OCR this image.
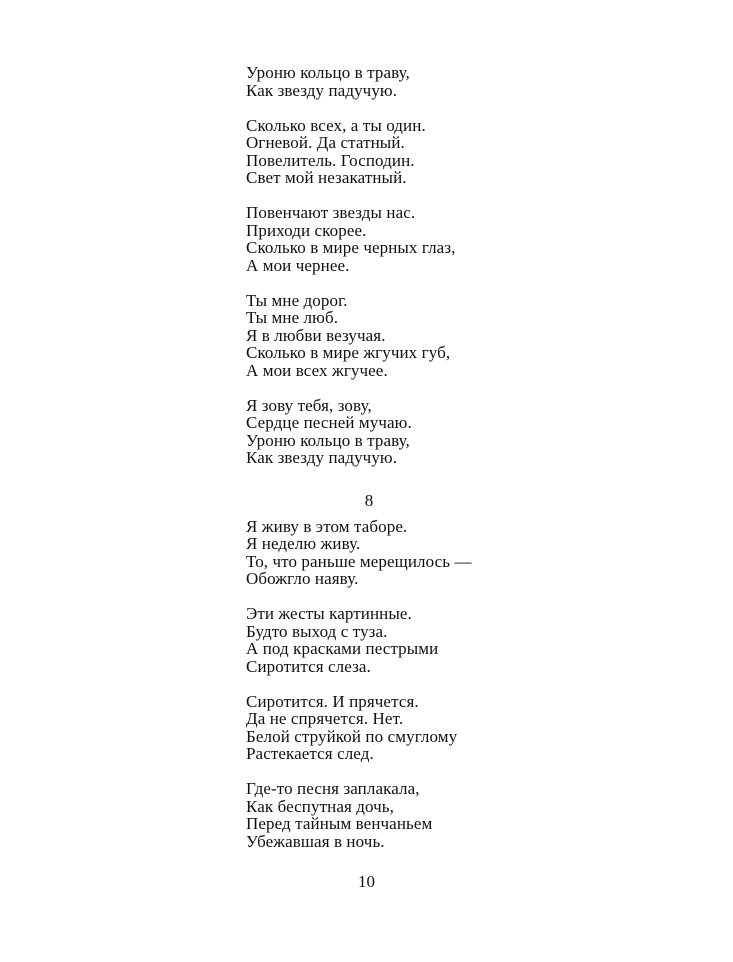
Уроню кольцо в траву,
Как звезду падучую.
Сколько всех, а ты один.
Огневой. Да статный.
Повелитель. Господин.
Свет мой незакатный.
Повенчают звезды нас.
Приходи скорее.
Сколько в мире черных глаз,
А мои чернее.
Ты мне дорог.
Ты мне люб.
Я в любви везучая.
Сколько в мире жгучих губ,
А мои всех жгучее.
Я зову тебя, зову,
Сердце песней мучаю.
Уроню кольцо в траву,
Как звезду падучую.
8
Я живу в этом таборе.
Я неделю живу.
То, что раньше мерещилось —
Обожгло наяву.
Эти жесты картинные.
Будто выход с туза.
А под красками пестрыми
Сиротится слеза.
Сиротится. И прячется.
Да не спрячется. Нет.
Белой струйкой по смуглому
Растекается след.
Где-то песня заплакала,
Как беспутная дочь,
Перед тайным венчаньем
Убежавшая в ночь.
10
